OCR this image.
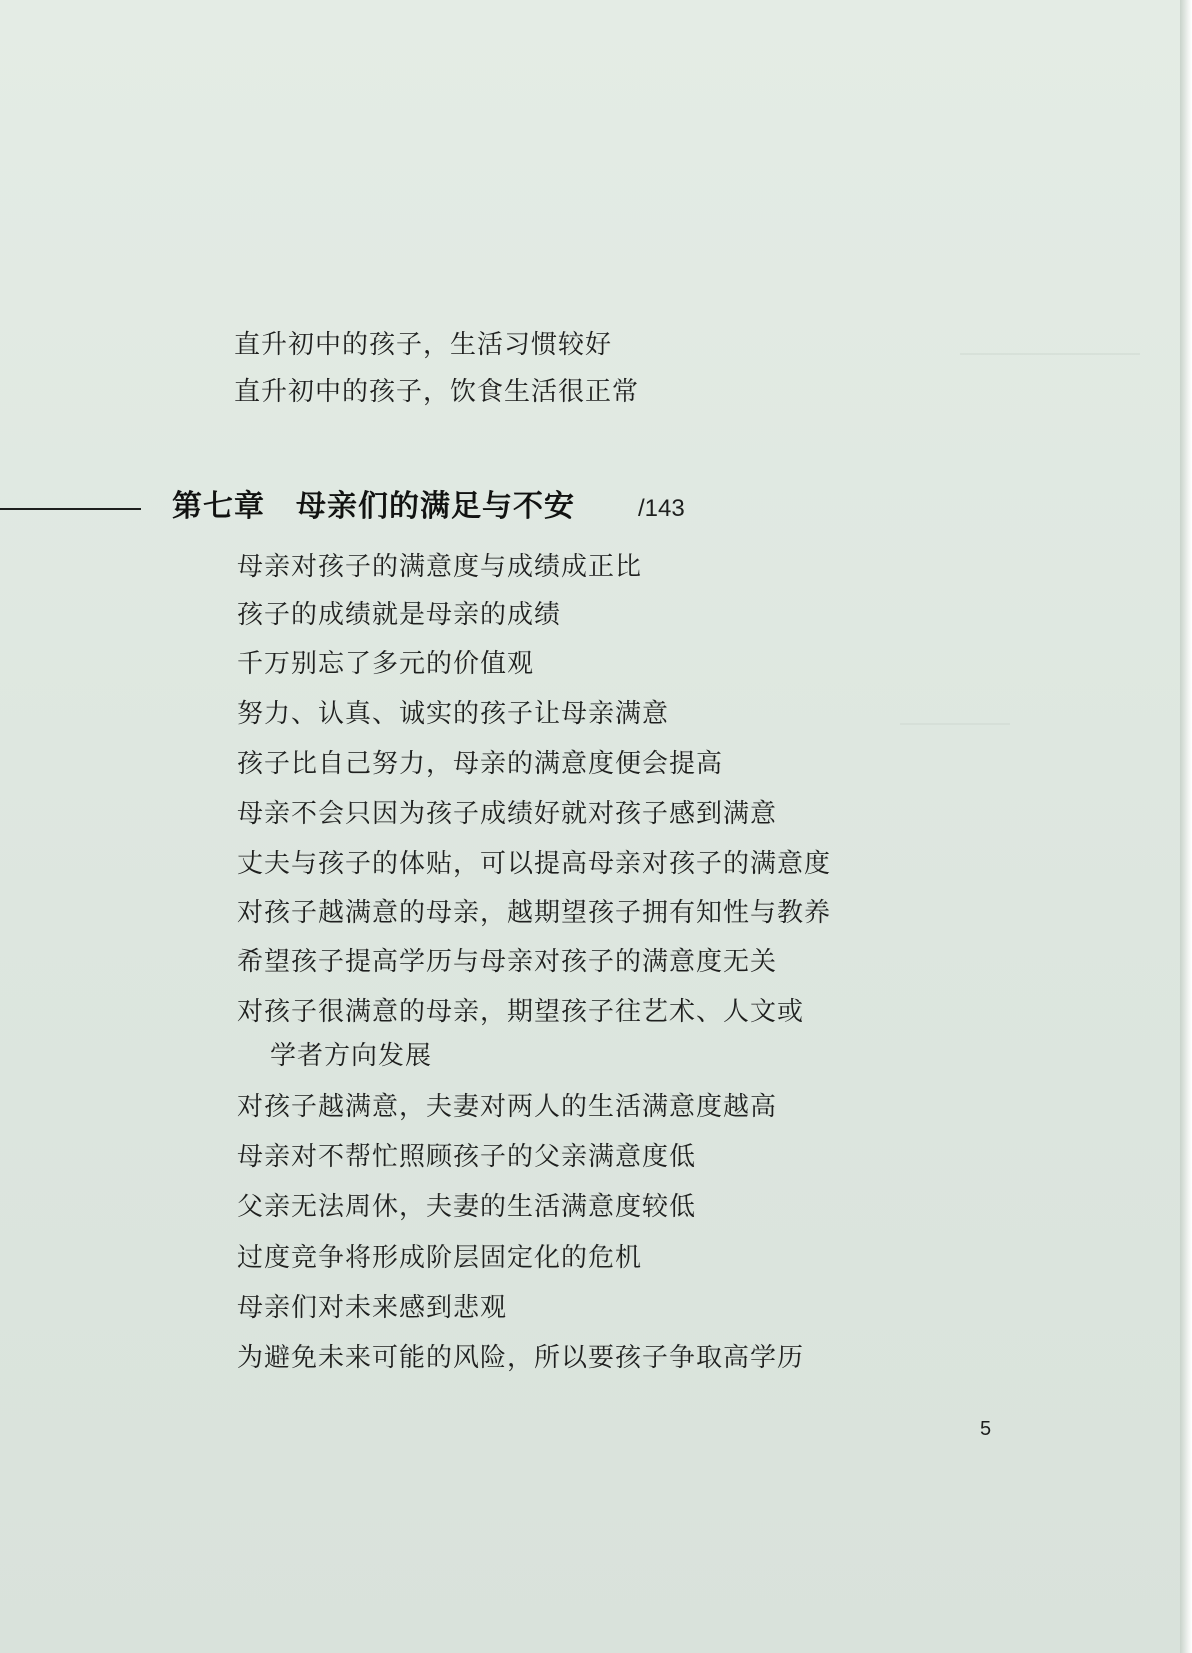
直升初中的孩子，生活习惯较好

直升初中的孩子，饮食生活很正常

第七章　母亲们的满足与不安	/143

母亲对孩子的满意度与成绩成正比

孩子的成绩就是母亲的成绩

千万别忘了多元的价值观

努力、认真、诚实的孩子让母亲满意

孩子比自己努力，母亲的满意度便会提高

母亲不会只因为孩子成绩好就对孩子感到满意

丈夫与孩子的体贴，可以提高母亲对孩子的满意度

对孩子越满意的母亲，越期望孩子拥有知性与教养

希望孩子提高学历与母亲对孩子的满意度无关

对孩子很满意的母亲，期望孩子往艺术、人文或

学者方向发展

对孩子越满意，夫妻对两人的生活满意度越高

母亲对不帮忙照顾孩子的父亲满意度低

父亲无法周休，夫妻的生活满意度较低

过度竞争将形成阶层固定化的危机

母亲们对未来感到悲观

为避免未来可能的风险，所以要孩子争取高学历

5
